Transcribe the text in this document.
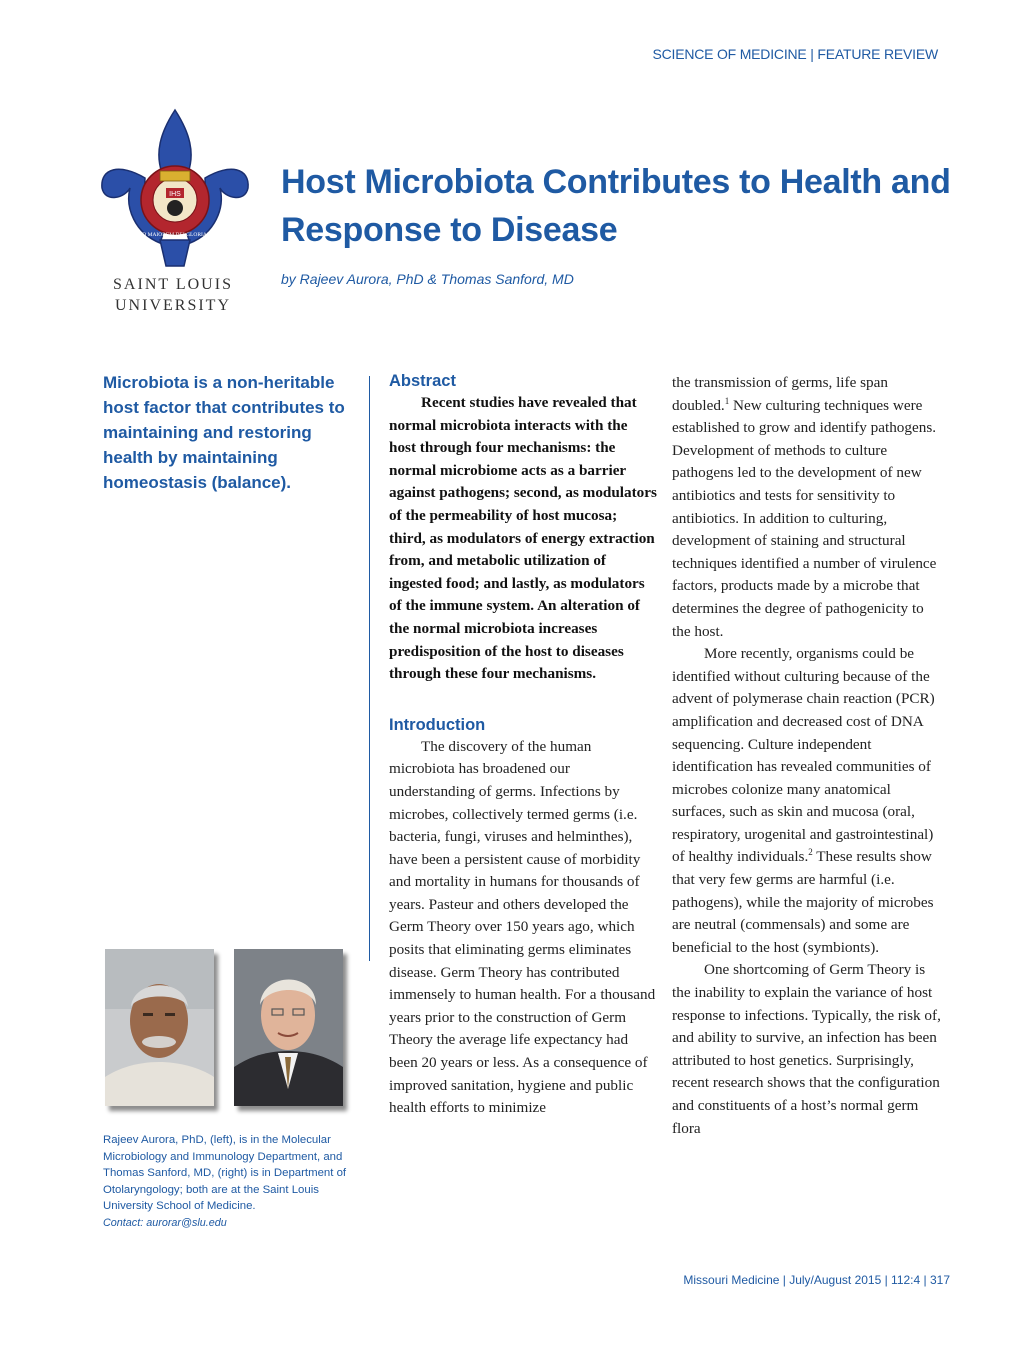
SCIENCE OF MEDICINE | FEATURE REVIEW
IHS
AD MAIOREM DEI GLORIAM
SAINT LOUIS
UNIVERSITY
Host Microbiota Contributes to Health and Response to Disease
by Rajeev Aurora, PhD & Thomas Sanford, MD

Microbiota is a non-heritable host factor that contributes to maintaining and restoring health by maintaining homeostasis (balance).

Rajeev Aurora, PhD, (left), is in the Molecular Microbiology and Immunology Department, and Thomas Sanford, MD, (right) is in Department of Otolaryngology; both are at the Saint Louis University School of Medicine.
Contact: aurorar@slu.edu
Abstract

Recent studies have revealed that normal microbiota interacts with the host through four mechanisms: the normal microbiome acts as a barrier against pathogens; second, as modulators of the permeability of host mucosa; third, as modulators of energy extraction from, and metabolic utilization of ingested food; and lastly, as modulators of the immune system. An alteration of the normal microbiota increases predisposition of the host to diseases through these four mechanisms.

Introduction

The discovery of the human microbiota has broadened our understanding of germs. Infections by microbes, collectively termed germs (i.e. bacteria, fungi, viruses and helminthes), have been a persistent cause of morbidity and mortality in humans for thousands of years. Pasteur and others developed the Germ Theory over 150 years ago, which posits that eliminating germs eliminates disease. Germ Theory has contributed immensely to human health. For a thousand years prior to the construction of Germ Theory the average life expectancy had been 20 years or less. As a consequence of improved sanitation, hygiene and public health efforts to minimize

the transmission of germs, life span doubled.$^1$ New culturing techniques were established to grow and identify pathogens. Development of methods to culture pathogens led to the development of new antibiotics and tests for sensitivity to antibiotics. In addition to culturing, development of staining and structural techniques identified a number of virulence factors, products made by a microbe that determines the degree of pathogenicity to the host.

More recently, organisms could be identified without culturing because of the advent of polymerase chain reaction (PCR) amplification and decreased cost of DNA sequencing. Culture independent identification has revealed communities of microbes colonize many anatomical surfaces, such as skin and mucosa (oral, respiratory, urogenital and gastrointestinal) of healthy individuals.$^2$ These results show that very few germs are harmful (i.e. pathogens), while the majority of microbes are neutral (commensals) and some are beneficial to the host (symbionts).

One shortcoming of Germ Theory is the inability to explain the variance of host response to infections. Typically, the risk of, and ability to survive, an infection has been attributed to host genetics. Surprisingly, recent research shows that the configuration and constituents of a host’s normal germ flora

Missouri Medicine | July/August 2015 | 112:4 | 317
